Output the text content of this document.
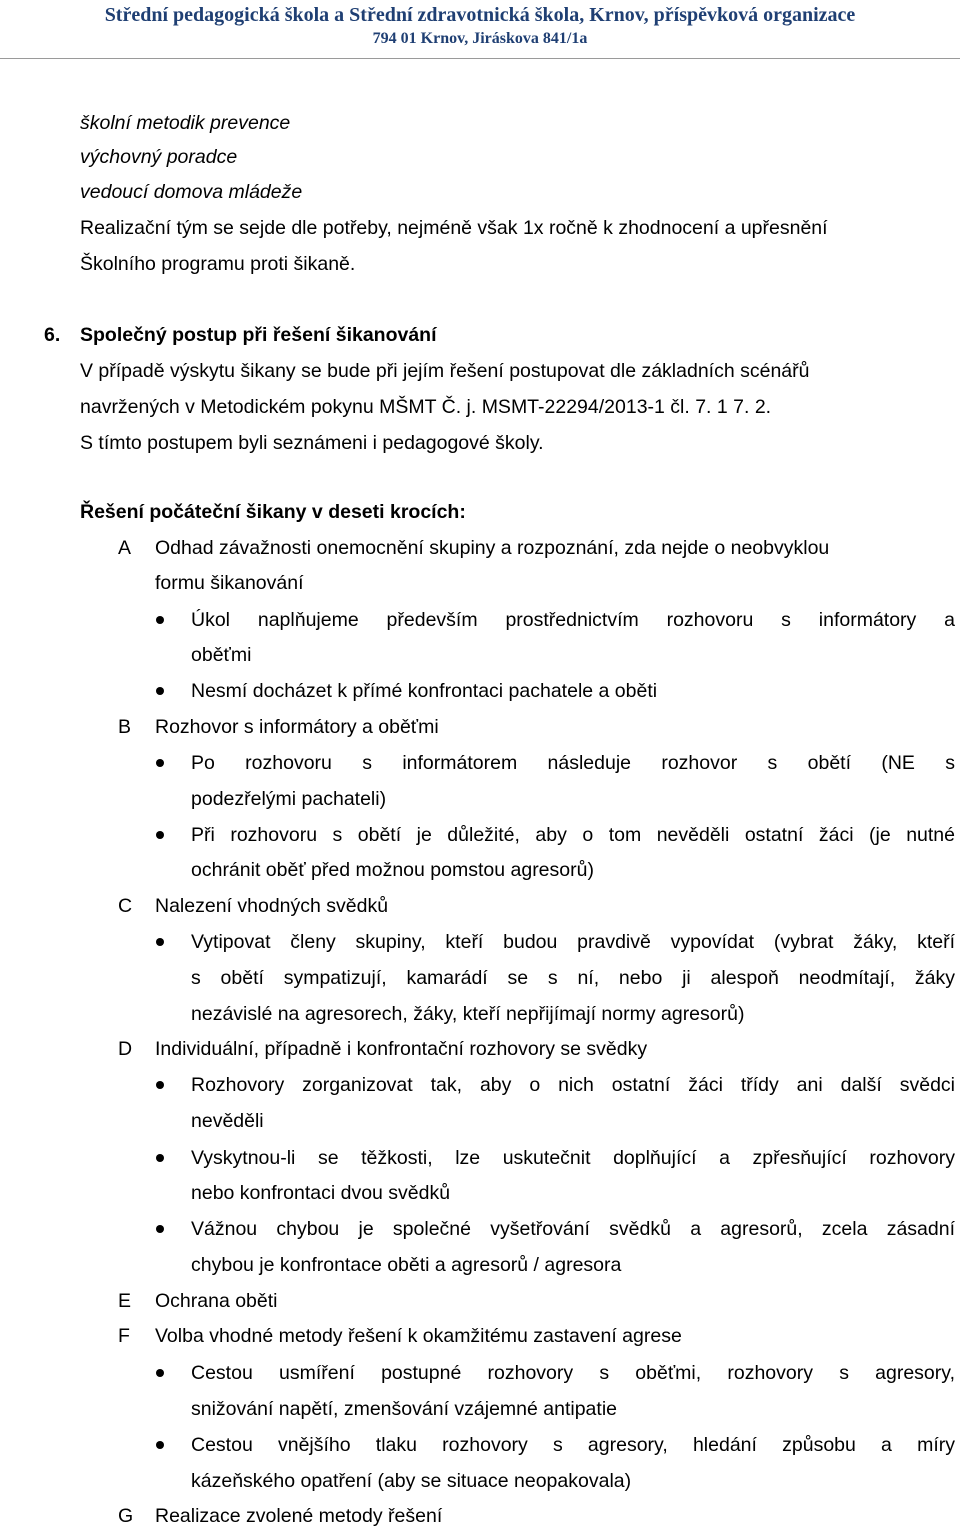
Střední pedagogická škola a Střední zdravotnická škola, Krnov, příspěvková organizace
794 01 Krnov, Jiráskova 841/1a
školní metodik prevence
výchovný poradce
vedoucí domova mládeže
Realizační tým se sejde dle potřeby, nejméně však 1x ročně k zhodnocení a upřesnění
Školního programu proti šikaně.
6. Společný postup při řešení šikanování
V případě výskytu šikany se bude při jejím řešení postupovat dle základních scénářů
navržených v Metodickém pokynu MŠMT Č. j. MSMT-22294/2013-1 čl. 7. 1 7. 2.
S tímto postupem byli seznámeni i pedagogové školy.
Řešení počáteční šikany v deseti krocích:
A Odhad závažnosti onemocnění skupiny a rozpoznání, zda nejde o neobvyklou
formu šikanování
Úkol naplňujeme především prostřednictvím rozhovoru s informátory a
oběťmi
Nesmí docházet k přímé konfrontaci pachatele a oběti
B Rozhovor s informátory a oběťmi
Po rozhovoru s informátorem následuje rozhovor s obětí (NE s
podezřelými pachateli)
Při rozhovoru s obětí je důležité, aby o tom nevěděli ostatní žáci (je nutné
ochránit oběť před možnou pomstou agresorů)
C Nalezení vhodných svědků
Vytipovat členy skupiny, kteří budou pravdivě vypovídat (vybrat žáky, kteří
s obětí sympatizují, kamarádí se s ní, nebo ji alespoň neodmítají, žáky
nezávislé na agresorech, žáky, kteří nepřijímají normy agresorů)
D Individuální, případně i konfrontační rozhovory se svědky
Rozhovory zorganizovat tak, aby o nich ostatní žáci třídy ani další svědci
nevěděli
Vyskytnou-li se těžkosti, lze uskutečnit doplňující a zpřesňující rozhovory
nebo konfrontaci dvou svědků
Vážnou chybou je společné vyšetřování svědků a agresorů, zcela zásadní
chybou je konfrontace oběti a agresorů / agresora
E Ochrana oběti
F Volba vhodné metody řešení k okamžitému zastavení agrese
Cestou usmíření postupné rozhovory s oběťmi, rozhovory s agresory,
snižování napětí, zmenšování vzájemné antipatie
Cestou vnějšího tlaku rozhovory s agresory, hledání způsobu a míry
kázeňského opatření (aby se situace neopakovala)
G Realizace zvolené metody řešení
